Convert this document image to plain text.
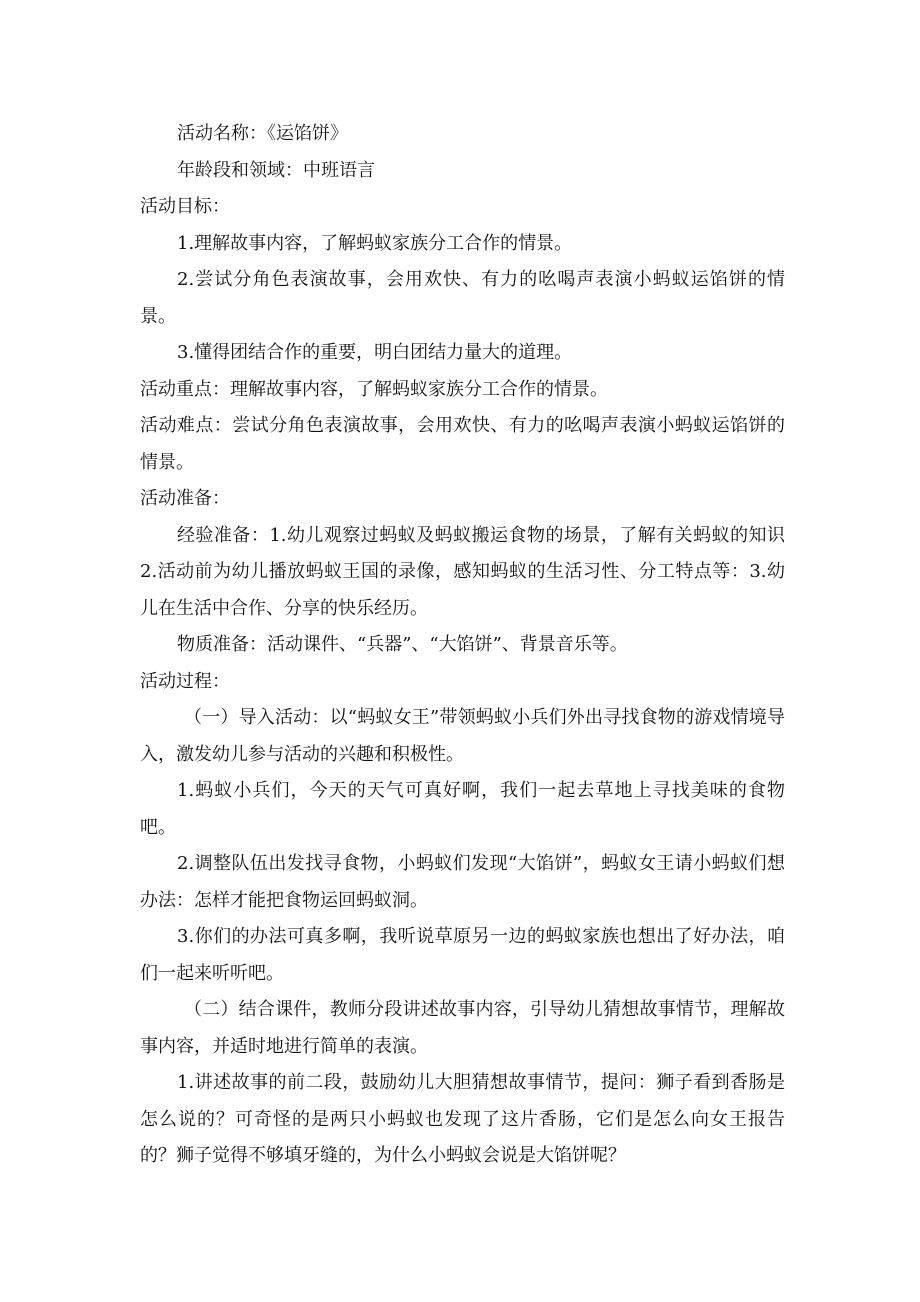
活动名称：《运馅饼》

年龄段和领域：中班语言

活动目标：

1.理解故事内容，了解蚂蚁家族分工合作的情景。

2.尝试分角色表演故事，会用欢快、有力的吆喝声表演小蚂蚁运馅饼的情景。

3.懂得团结合作的重要，明白团结力量大的道理。

活动重点：理解故事内容，了解蚂蚁家族分工合作的情景。

活动难点：尝试分角色表演故事，会用欢快、有力的吆喝声表演小蚂蚁运馅饼的情景。

活动准备：

经验准备：1.幼儿观察过蚂蚁及蚂蚁搬运食物的场景，了解有关蚂蚁的知识2.活动前为幼儿播放蚂蚁王国的录像，感知蚂蚁的生活习性、分工特点等：3.幼儿在生活中合作、分享的快乐经历。

物质准备：活动课件、“兵器”、“大馅饼”、背景音乐等。

活动过程：

（一）导入活动：以“蚂蚁女王”带领蚂蚁小兵们外出寻找食物的游戏情境导入，激发幼儿参与活动的兴趣和积极性。

1.蚂蚁小兵们，今天的天气可真好啊，我们一起去草地上寻找美味的食物吧。

2.调整队伍出发找寻食物，小蚂蚁们发现“大馅饼”，蚂蚁女王请小蚂蚁们想办法：怎样才能把食物运回蚂蚁洞。

3.你们的办法可真多啊，我听说草原另一边的蚂蚁家族也想出了好办法，咱们一起来听听吧。

（二）结合课件，教师分段讲述故事内容，引导幼儿猜想故事情节，理解故事内容，并适时地进行简单的表演。

1.讲述故事的前二段，鼓励幼儿大胆猜想故事情节，提问：狮子看到香肠是怎么说的？可奇怪的是两只小蚂蚁也发现了这片香肠，它们是怎么向女王报告的？狮子觉得不够填牙缝的，为什么小蚂蚁会说是大馅饼呢？
